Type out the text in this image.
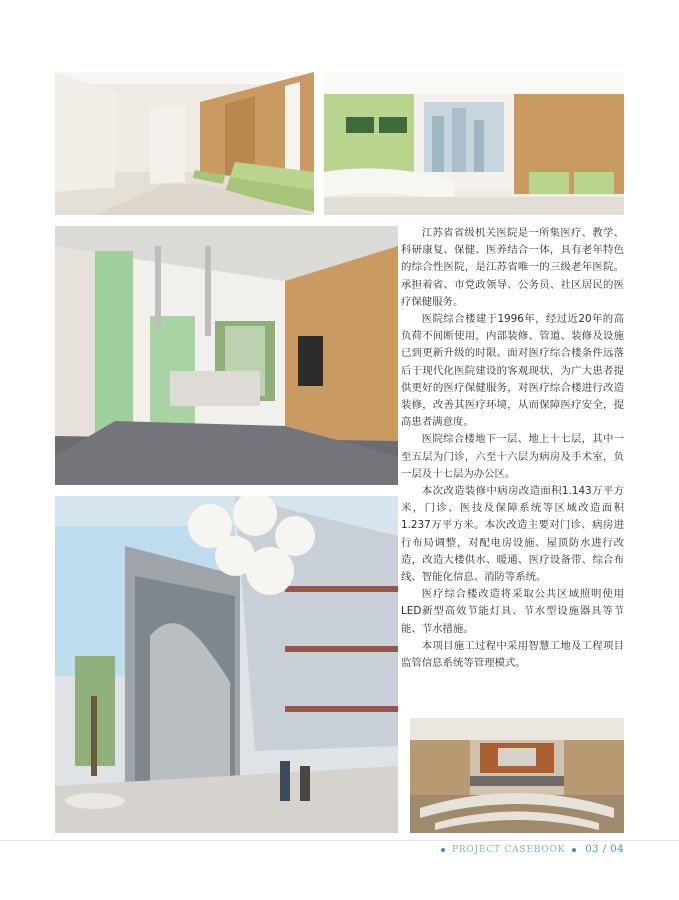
江苏省省级机关医院是一所集医疗、教学、科研康复、保健、医养结合一体，具有老年特色的综合性医院，是江苏省唯一的三级老年医院。承担着省、市党政领导、公务员、社区居民的医疗保健服务。

医院综合楼建于1996年，经过近20年的高负荷不间断使用，内部装修、管道、装修及设施已到更新升级的时限。面对医疗综合楼条件远落后于现代化医院建设的客观现状，为广大患者提供更好的医疗保健服务，对医疗综合楼进行改造装修，改善其医疗环境，从而保障医疗安全，提高患者满意度。

医院综合楼地下一层、地上十七层，其中一至五层为门诊，六至十六层为病房及手术室，负一层及十七层为办公区。

本次改造装修中病房改造面积1.143万平方米，门诊、医技及保障系统等区域改造面积1.237万平方米。本次改造主要对门诊、病房进行布局调整，对配电房设施、屋顶防水进行改造，改造大楼供水、暖通、医疗设备带、综合布线、智能化信息、消防等系统。

医疗综合楼改造将采取公共区域照明使用LED新型高效节能灯具、节水型设施器具等节能、节水措施。

本项目施工过程中采用智慧工地及工程项目监管信息系统等管理模式。

PROJECT CASEBOOK 03 / 04
